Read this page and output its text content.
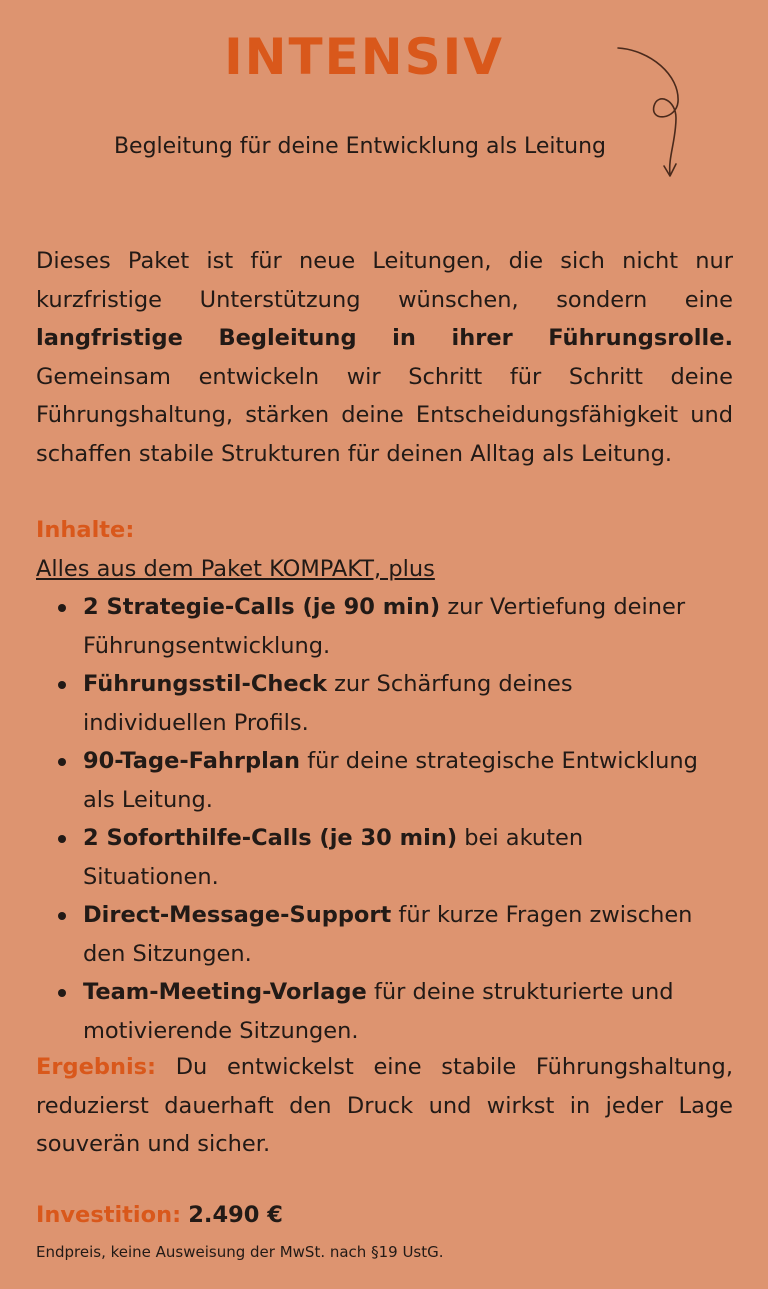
INTENSIV

Begleitung für deine Entwicklung als Leitung

Dieses Paket ist für neue Leitungen, die sich nicht nur kurzfristige Unterstützung wünschen, sondern eine langfristige Begleitung in ihrer Führungsrolle. Gemeinsam entwickeln wir Schritt für Schritt deine Führungshaltung, stärken deine Entscheidungsfähigkeit und schaffen stabile Strukturen für deinen Alltag als Leitung.

Inhalte:
Alles aus dem Paket KOMPAKT, plus
2 Strategie-Calls (je 90 min) zur Vertiefung deiner Führungsentwicklung.
Führungsstil-Check zur Schärfung deines individuellen Profils.
90-Tage-Fahrplan für deine strategische Entwicklung als Leitung.
2 Soforthilfe-Calls (je 30 min) bei akuten Situationen.
Direct-Message-Support für kurze Fragen zwischen den Sitzungen.
Team-Meeting-Vorlage für deine strukturierte und motivierende Sitzungen.

Ergebnis: Du entwickelst eine stabile Führungshaltung, reduzierst dauerhaft den Druck und wirkst in jeder Lage souverän und sicher.

Investition: 2.490 €

Endpreis, keine Ausweisung der MwSt. nach §19 UstG.
